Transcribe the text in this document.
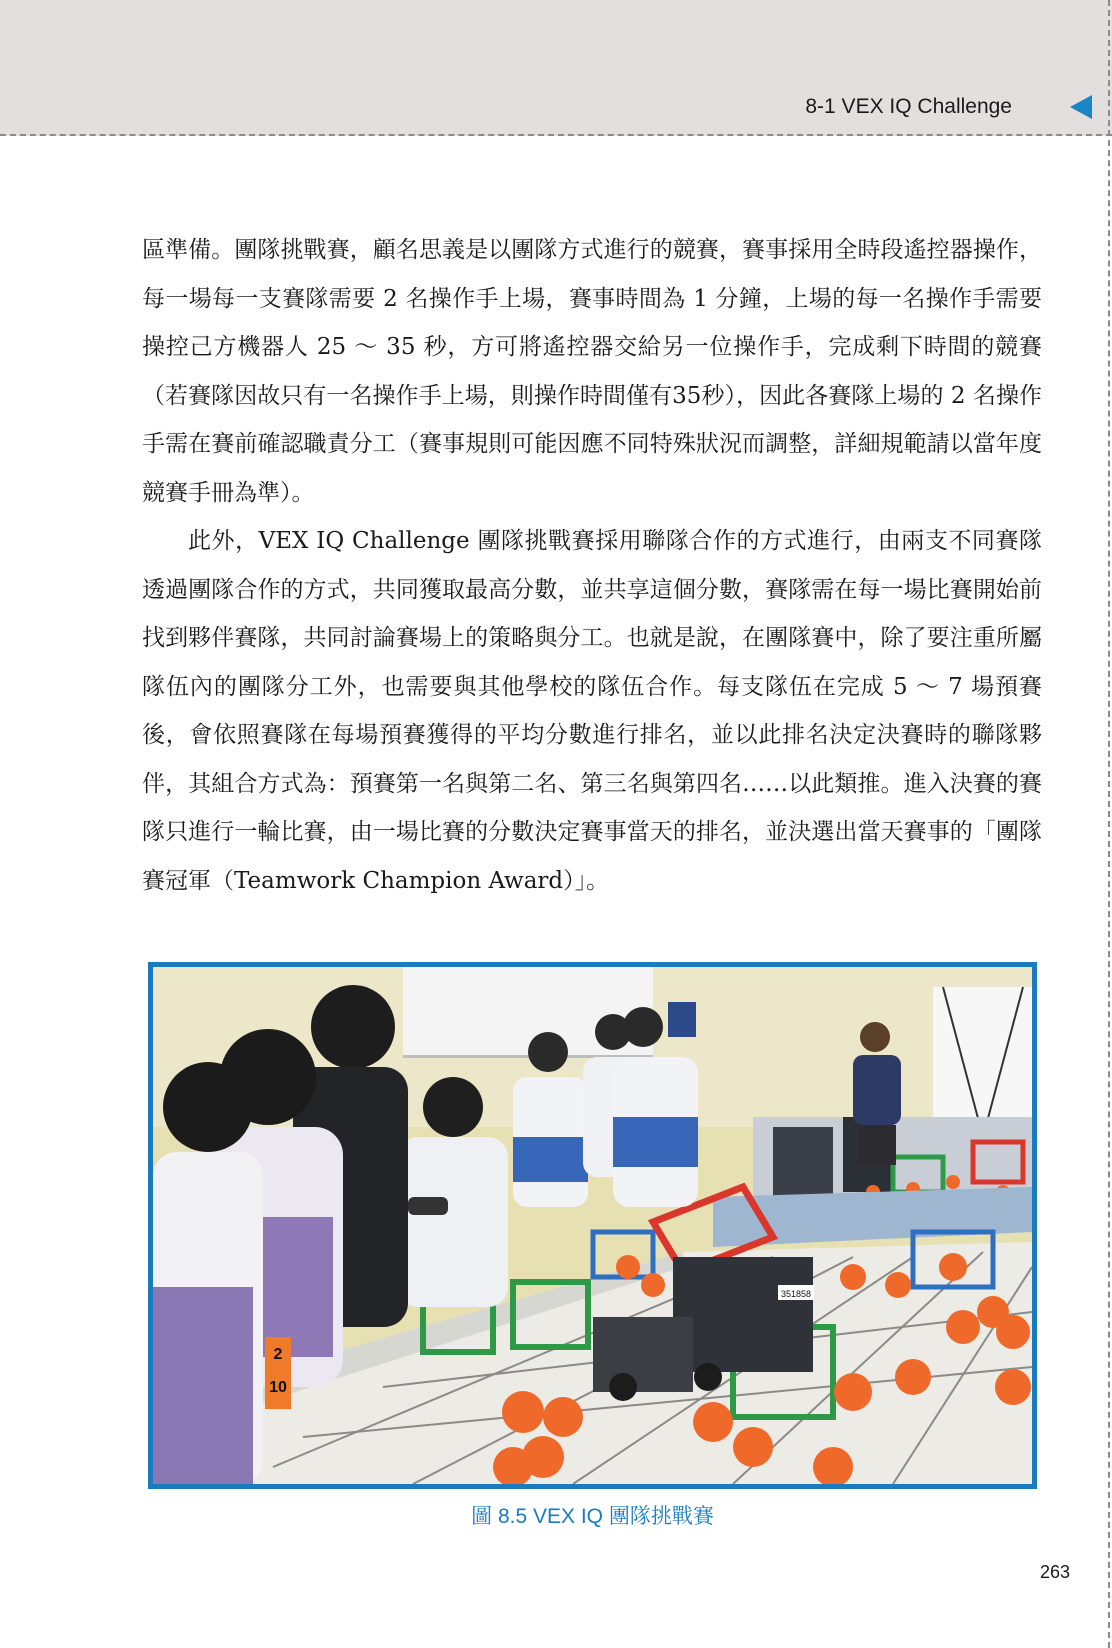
8-1 VEX IQ Challenge

區準備。團隊挑戰賽，顧名思義是以團隊方式進行的競賽，賽事採用全時段遙控器操作，每一場每一支賽隊需要 2 名操作手上場，賽事時間為 1 分鐘，上場的每一名操作手需要操控己方機器人 25 ～ 35 秒，方可將遙控器交給另一位操作手，完成剩下時間的競賽（若賽隊因故只有一名操作手上場，則操作時間僅有35秒），因此各賽隊上場的 2 名操作手需在賽前確認職責分工（賽事規則可能因應不同特殊狀況而調整，詳細規範請以當年度競賽手冊為準）。

此外，VEX IQ Challenge 團隊挑戰賽採用聯隊合作的方式進行，由兩支不同賽隊透過團隊合作的方式，共同獲取最高分數，並共享這個分數，賽隊需在每一場比賽開始前找到夥伴賽隊，共同討論賽場上的策略與分工。也就是說，在團隊賽中，除了要注重所屬隊伍內的團隊分工外，也需要與其他學校的隊伍合作。每支隊伍在完成 5 ～ 7 場預賽後，會依照賽隊在每場預賽獲得的平均分數進行排名，並以此排名決定決賽時的聯隊夥伴，其組合方式為：預賽第一名與第二名、第三名與第四名……以此類推。進入決賽的賽隊只進行一輪比賽，由一場比賽的分數決定賽事當天的排名，並決選出當天賽事的「團隊賽冠軍（Teamwork Champion Award）」。

351858
2
10
圖 8.5 VEX IQ 團隊挑戰賽
263
